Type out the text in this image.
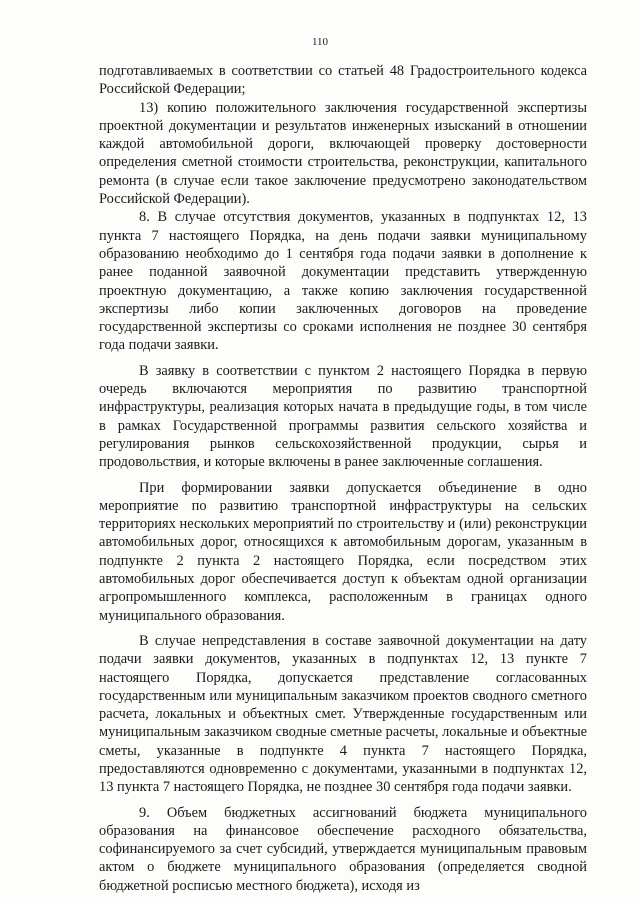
110

подготавливаемых в соответствии со статьей 48 Градостроительного кодекса Российской Федерации;

13) копию положительного заключения государственной экспертизы проектной документации и результатов инженерных изысканий в отношении каждой автомобильной дороги, включающей проверку достоверности определения сметной стоимости строительства, реконструкции, капитального ремонта (в случае если такое заключение предусмотрено законодательством Российской Федерации).

8. В случае отсутствия документов, указанных в подпунктах 12, 13 пункта 7 настоящего Порядка, на день подачи заявки муниципальному образованию необходимо до 1 сентября года подачи заявки в дополнение к ранее поданной заявочной документации представить утвержденную проектную документацию, а также копию заключения государственной экспертизы либо копии заключенных договоров на проведение государственной экспертизы со сроками исполнения не позднее 30 сентября года подачи заявки.

В заявку в соответствии с пунктом 2 настоящего Порядка в первую очередь включаются мероприятия по развитию транспортной инфраструктуры, реализация которых начата в предыдущие годы, в том числе в рамках Государственной программы развития сельского хозяйства и регулирования рынков сельскохозяйственной продукции, сырья и продовольствия, и которые включены в ранее заключенные соглашения.

При формировании заявки допускается объединение в одно мероприятие по развитию транспортной инфраструктуры на сельских территориях нескольких мероприятий по строительству и (или) реконструкции автомобильных дорог, относящихся к автомобильным дорогам, указанным в подпункте 2 пункта 2 настоящего Порядка, если посредством этих автомобильных дорог обеспечивается доступ к объектам одной организации агропромышленного комплекса, расположенным в границах одного муниципального образования.

В случае непредставления в составе заявочной документации на дату подачи заявки документов, указанных в подпунктах 12, 13 пункте 7 настоящего Порядка, допускается представление согласованных государственным или муниципальным заказчиком проектов сводного сметного расчета, локальных и объектных смет. Утвержденные государственным или муниципальным заказчиком сводные сметные расчеты, локальные и объектные сметы, указанные в подпункте 4 пункта 7 настоящего Порядка, предоставляются одновременно с документами, указанными в подпунктах 12, 13 пункта 7 настоящего Порядка, не позднее 30 сентября года подачи заявки.

9. Объем бюджетных ассигнований бюджета муниципального образования на финансовое обеспечение расходного обязательства, софинансируемого за счет субсидий, утверждается муниципальным правовым актом о бюджете муниципального образования (определяется сводной бюджетной росписью местного бюджета), исходя из
